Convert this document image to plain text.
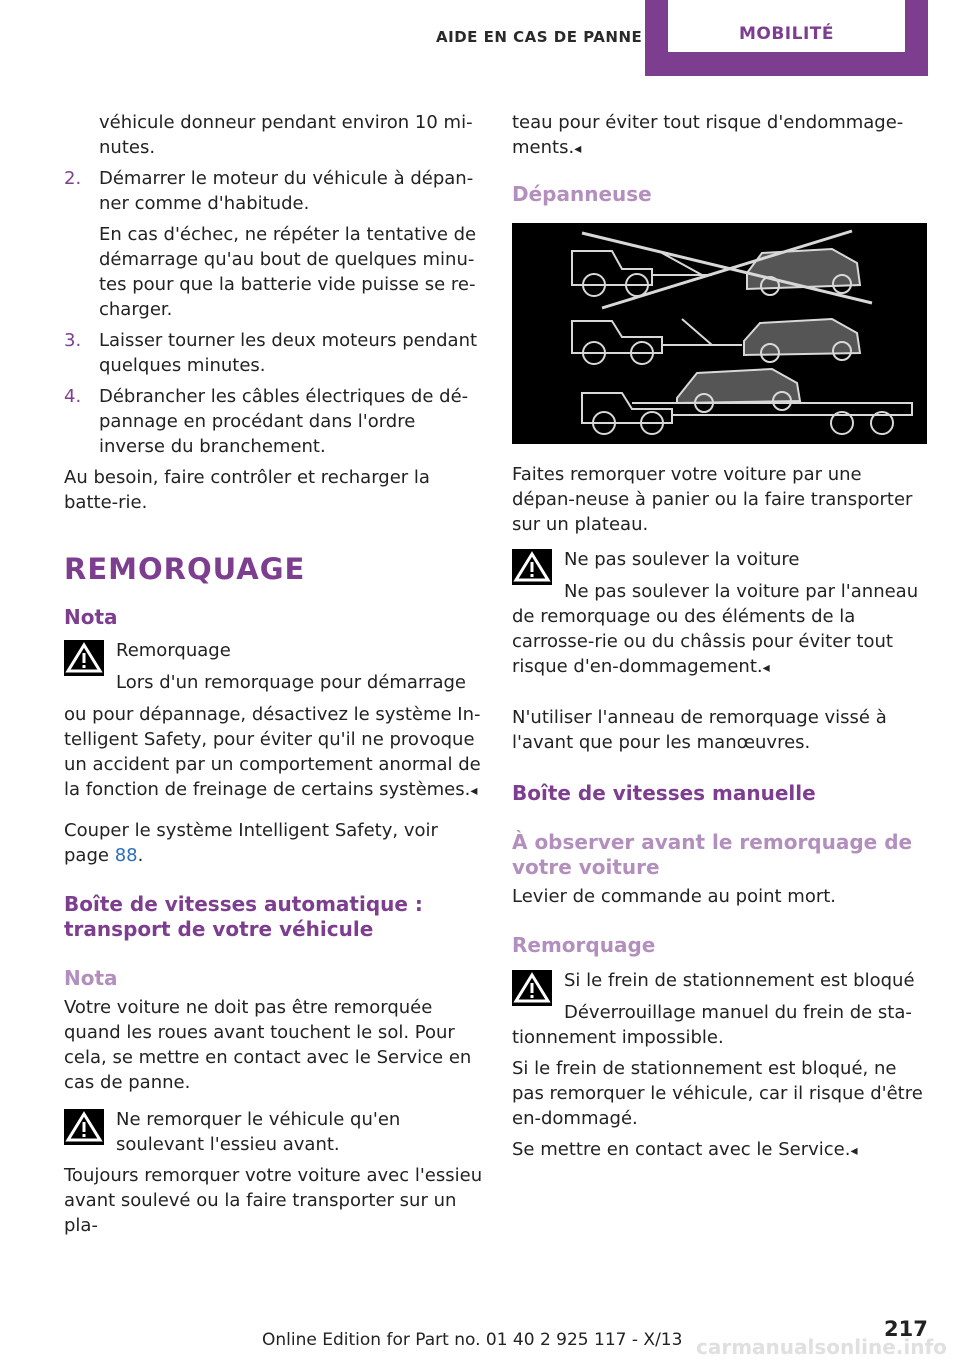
AIDE EN CAS DE PANNE	MOBILITÉ

véhicule donneur pendant environ 10 mi-nutes.

2. Démarrer le moteur du véhicule à dépan-ner comme d'habitude.
En cas d'échec, ne répéter la tentative de démarrage qu'au bout de quelques minu-tes pour que la batterie vide puisse se re-charger.
3. Laisser tourner les deux moteurs pendant quelques minutes.
4. Débrancher les câbles électriques de dé-pannage en procédant dans l'ordre inverse du branchement.

Au besoin, faire contrôler et recharger la batte-rie.

REMORQUAGE
Nota
Remorquage
Lors d'un remorquage pour démarrage
ou pour dépannage, désactivez le système In-telligent Safety, pour éviter qu'il ne provoque un accident par un comportement anormal de la fonction de freinage de certains systèmes.◂

Couper le système Intelligent Safety, voir page 88.

Boîte de vitesses automatique : transport de votre véhicule
Nota

Votre voiture ne doit pas être remorquée quand les roues avant touchent le sol. Pour cela, se mettre en contact avec le Service en cas de panne.

Ne remorquer le véhicule qu'en soulevant l'essieu avant.

Toujours remorquer votre voiture avec l'essieu avant soulevé ou la faire transporter sur un pla-

teau pour éviter tout risque d'endommage-ments.◂

Dépanneuse

Faites remorquer votre voiture par une dépan-neuse à panier ou la faire transporter sur un plateau.

Ne pas soulever la voiture
Ne pas soulever la voiture par l'anneau
de remorquage ou des éléments de la carrosse-rie ou du châssis pour éviter tout risque d'en-dommagement.◂

N'utiliser l'anneau de remorquage vissé à l'avant que pour les manœuvres.

Boîte de vitesses manuelle
À observer avant le remorquage de votre voiture

Levier de commande au point mort.

Remorquage
Si le frein de stationnement est bloqué
Déverrouillage manuel du frein de sta-
tionnement impossible.

Si le frein de stationnement est bloqué, ne pas remorquer le véhicule, car il risque d'être en-dommagé.

Se mettre en contact avec le Service.◂

217
Online Edition for Part no. 01 40 2 925 117 - X/13 carmanualsonline.info
